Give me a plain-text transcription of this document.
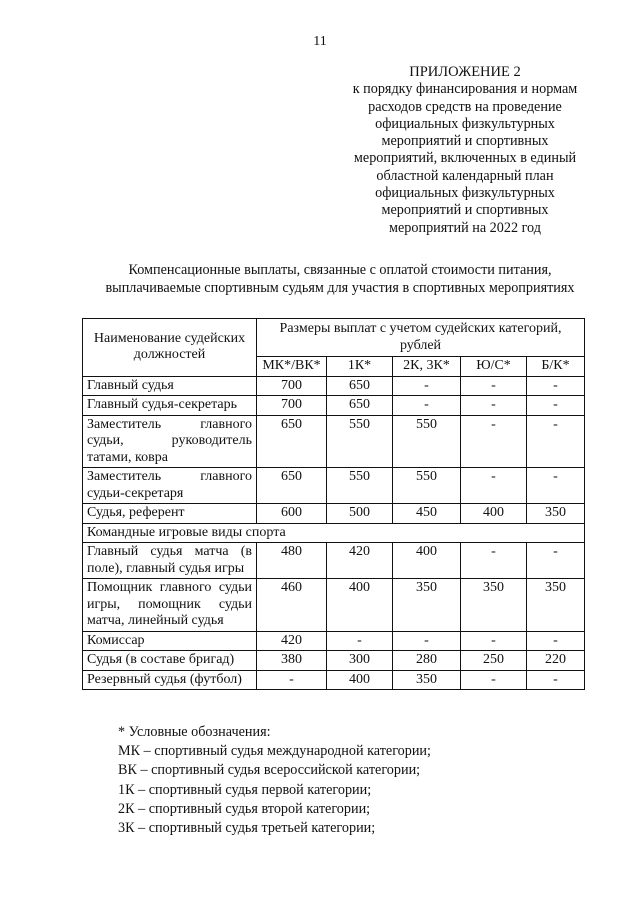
11
ПРИЛОЖЕНИЕ 2
к порядку финансирования и нормам
расходов средств на проведение
официальных физкультурных
мероприятий и спортивных
мероприятий, включенных в единый
областной календарный план
официальных физкультурных
мероприятий и спортивных
мероприятий на 2022 год
Компенсационные выплаты, связанные с оплатой стоимости питания,
выплачиваемые спортивным судьям для участия в спортивных мероприятиях
Наименование судейских должностей	Размеры выплат с учетом судейских категорий, рублей				
	МК*/ВК*	1К*	2К, 3К*	Ю/С*	Б/К*
Главный судья	700	650	-	-	-
Главный судья-секретарь	700	650	-	-	-
Заместитель главного судьи, руководитель татами, ковра	650	550	550	-	-
Заместитель главного судьи-секретаря	650	550	550	-	-
Судья, референт	600	500	450	400	350
Командные игровые виды спорта					
Главный судья матча (в поле), главный судья игры	480	420	400	-	-
Помощник главного судьи игры, помощник судьи матча, линейный судья	460	400	350	350	350
Комиссар	420	-	-	-	-
Судья (в составе бригад)	380	300	280	250	220
Резервный судья (футбол)	-	400	350	-	-
* Условные обозначения:
МК – спортивный судья международной категории;
ВК – спортивный судья всероссийской категории;
1К – спортивный судья первой категории;
2К – спортивный судья второй категории;
3К – спортивный судья третьей категории;
